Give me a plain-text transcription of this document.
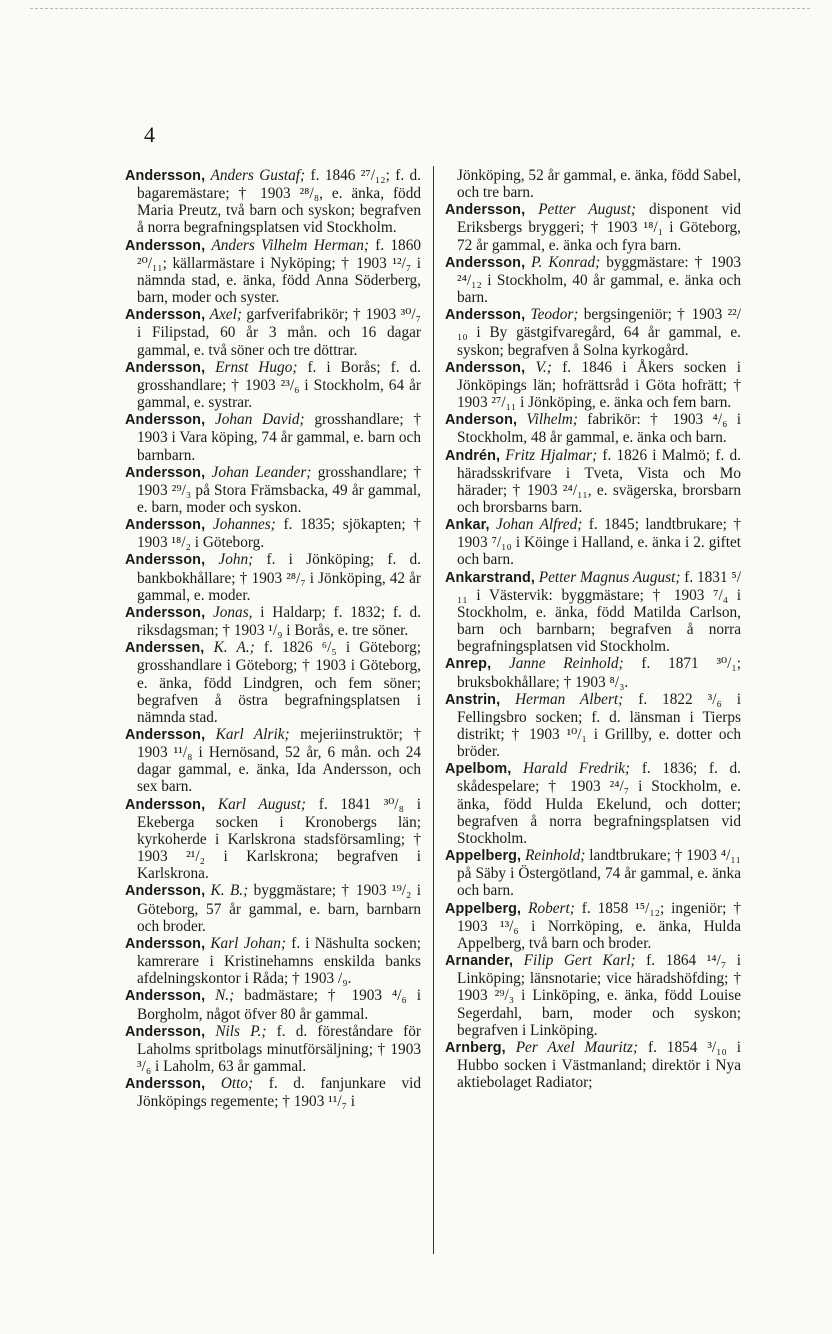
4

Andersson, Anders Gustaf; f. 1846 ²⁷/₁₂; f. d. bagaremästare; † 1903 ²⁸/₈, e. änka, född Maria Preutz, två barn och syskon; begrafven å norra begrafningsplatsen vid Stockholm.

Andersson, Anders Vilhelm Herman; f. 1860 ²⁰/₁₁; källarmästare i Nyköping; † 1903 ¹²/₇ i nämnda stad, e. änka, född Anna Söderberg, barn, moder och syster.

Andersson, Axel; garfverifabrikör; † 1903 ³⁰/₇ i Filipstad, 60 år 3 mån. och 16 dagar gammal, e. två söner och tre döttrar.

Andersson, Ernst Hugo; f. i Borås; f. d. grosshandlare; † 1903 ²³/₆ i Stockholm, 64 år gammal, e. systrar.

Andersson, Johan David; grosshandlare; † 1903 i Vara köping, 74 år gammal, e. barn och barnbarn.

Andersson, Johan Leander; grosshandlare; † 1903 ²⁹/₃ på Stora Främsbacka, 49 år gammal, e. barn, moder och syskon.

Andersson, Johannes; f. 1835; sjökapten; † 1903 ¹⁸/₂ i Göteborg.

Andersson, John; f. i Jönköping; f. d. bankbokhållare; † 1903 ²⁸/₇ i Jönköping, 42 år gammal, e. moder.

Andersson, Jonas, i Haldarp; f. 1832; f. d. riksdagsman; † 1903 ¹/₉ i Borås, e. tre söner.

Anderssen, K. A.; f. 1826 ⁶/₅ i Göteborg; grosshandlare i Göteborg; † 1903 i Göteborg, e. änka, född Lindgren, och fem söner; begrafven å östra begrafningsplatsen i nämnda stad.

Andersson, Karl Alrik; mejeriinstruktör; † 1903 ¹¹/₈ i Hernösand, 52 år, 6 mån. och 24 dagar gammal, e. änka, Ida Andersson, och sex barn.

Andersson, Karl August; f. 1841 ³⁰/₈ i Ekeberga socken i Kronobergs län; kyrkoherde i Karlskrona stadsförsamling; † 1903 ²¹/₂ i Karlskrona; begrafven i Karlskrona.

Andersson, K. B.; byggmästare; † 1903 ¹⁹/₂ i Göteborg, 57 år gammal, e. barn, barnbarn och broder.

Andersson, Karl Johan; f. i Näshulta socken; kamrerare i Kristinehamns enskilda banks afdelningskontor i Råda; † 1903 /₉.

Andersson, N.; badmästare; † 1903 ⁴/₆ i Borgholm, något öfver 80 år gammal.

Andersson, Nils P.; f. d. föreståndare för Laholms spritbolags minutförsäljning; † 1903 ³/₆ i Laholm, 63 år gammal.

Andersson, Otto; f. d. fanjunkare vid Jönköpings regemente; † 1903 ¹¹/₇ i

Jönköping, 52 år gammal, e. änka, född Sabel, och tre barn.

Andersson, Petter August; disponent vid Eriksbergs bryggeri; † 1903 ¹⁸/₁ i Göteborg, 72 år gammal, e. änka och fyra barn.

Andersson, P. Konrad; byggmästare: † 1903 ²⁴/₁₂ i Stockholm, 40 år gammal, e. änka och barn.

Andersson, Teodor; bergsingeniör; † 1903 ²²/₁₀ i By gästgifvaregård, 64 år gammal, e. syskon; begrafven å Solna kyrkogård.

Andersson, V.; f. 1846 i Åkers socken i Jönköpings län; hofrättsråd i Göta hofrätt; † 1903 ²⁷/₁₁ i Jönköping, e. änka och fem barn.

Anderson, Vilhelm; fabrikör: † 1903 ⁴/₆ i Stockholm, 48 år gammal, e. änka och barn.

Andrén, Fritz Hjalmar; f. 1826 i Malmö; f. d. häradsskrifvare i Tveta, Vista och Mo härader; † 1903 ²⁴/₁₁, e. svägerska, brorsbarn och brorsbarns barn.

Ankar, Johan Alfred; f. 1845; landtbrukare; † 1903 ⁷/₁₀ i Köinge i Halland, e. änka i 2. giftet och barn.

Ankarstrand, Petter Magnus August; f. 1831 ⁵/₁₁ i Västervik: byggmästare; † 1903 ⁷/₄ i Stockholm, e. änka, född Matilda Carlson, barn och barnbarn; begrafven å norra begrafningsplatsen vid Stockholm.

Anrep, Janne Reinhold; f. 1871 ³⁰/₁; bruksbokhållare; † 1903 ⁸/₃.

Anstrin, Herman Albert; f. 1822 ³/₆ i Fellingsbro socken; f. d. länsman i Tierps distrikt; † 1903 ¹⁰/₁ i Grillby, e. dotter och bröder.

Apelbom, Harald Fredrik; f. 1836; f. d. skådespelare; † 1903 ²⁴/₇ i Stockholm, e. änka, född Hulda Ekelund, och dotter; begrafven å norra begrafningsplatsen vid Stockholm.

Appelberg, Reinhold; landtbrukare; † 1903 ⁴/₁₁ på Säby i Östergötland, 74 år gammal, e. änka och barn.

Appelberg, Robert; f. 1858 ¹⁵/₁₂; ingeniör; † 1903 ¹³/₆ i Norrköping, e. änka, Hulda Appelberg, två barn och broder.

Arnander, Filip Gert Karl; f. 1864 ¹⁴/₇ i Linköping; länsnotarie; vice häradshöfding; † 1903 ²⁹/₃ i Linköping, e. änka, född Louise Segerdahl, barn, moder och syskon; begrafven i Linköping.

Arnberg, Per Axel Mauritz; f. 1854 ³/₁₀ i Hubbo socken i Västmanland; direktör i Nya aktiebolaget Radiator;
